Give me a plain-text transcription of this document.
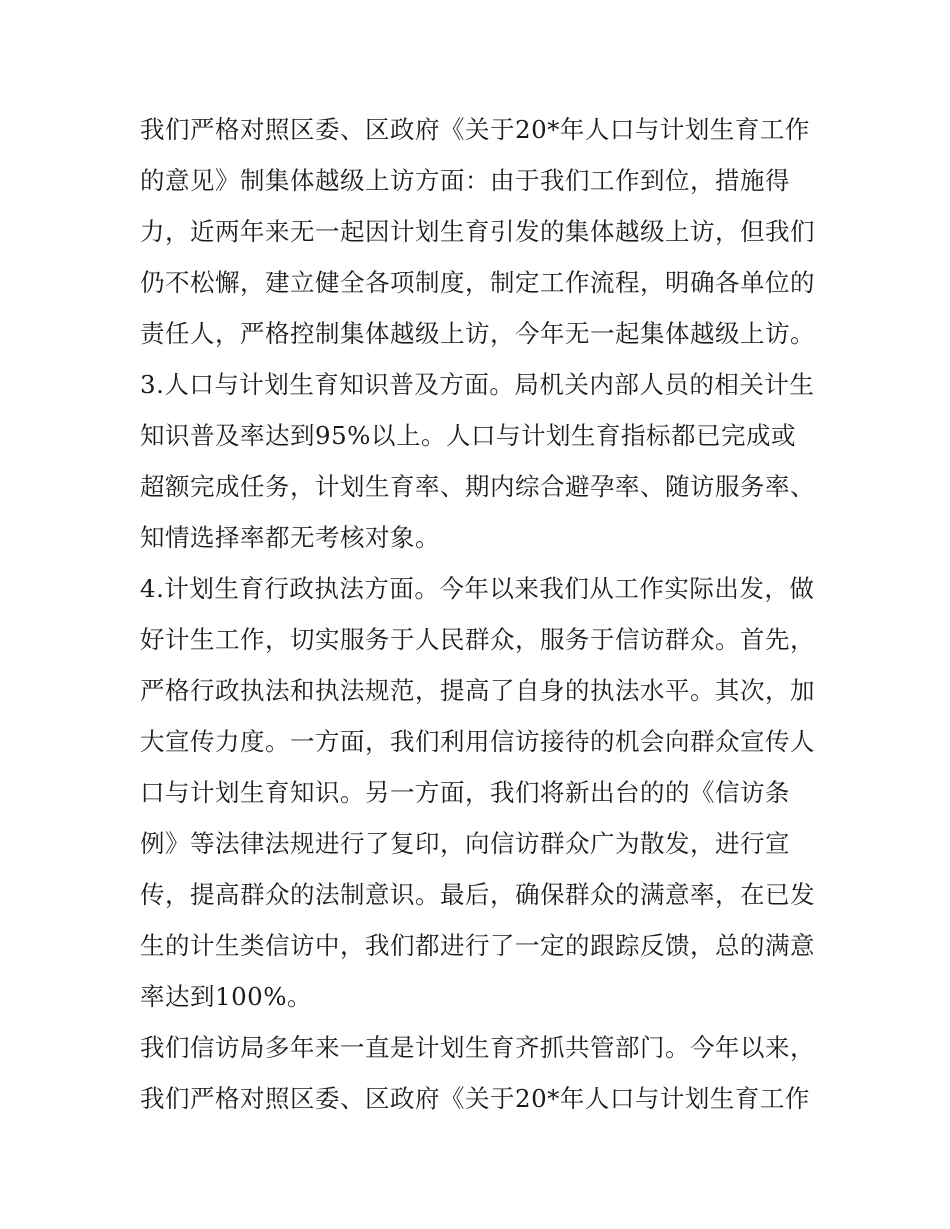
我们严格对照区委、区政府《关于20*年人口与计划生育工作
的意见》制集体越级上访方面：由于我们工作到位，措施得
力，近两年来无一起因计划生育引发的集体越级上访，但我们
仍不松懈，建立健全各项制度，制定工作流程，明确各单位的
责任人，严格控制集体越级上访，今年无一起集体越级上访。
3.人口与计划生育知识普及方面。局机关内部人员的相关计生
知识普及率达到95%以上。人口与计划生育指标都已完成或
超额完成任务，计划生育率、期内综合避孕率、随访服务率、
知情选择率都无考核对象。
4.计划生育行政执法方面。今年以来我们从工作实际出发，做
好计生工作，切实服务于人民群众，服务于信访群众。首先，
严格行政执法和执法规范，提高了自身的执法水平。其次，加
大宣传力度。一方面，我们利用信访接待的机会向群众宣传人
口与计划生育知识。另一方面，我们将新出台的的《信访条
例》等法律法规进行了复印，向信访群众广为散发，进行宣
传，提高群众的法制意识。最后，确保群众的满意率，在已发
生的计生类信访中，我们都进行了一定的跟踪反馈，总的满意
率达到100%。
我们信访局多年来一直是计划生育齐抓共管部门。今年以来，
我们严格对照区委、区政府《关于20*年人口与计划生育工作
